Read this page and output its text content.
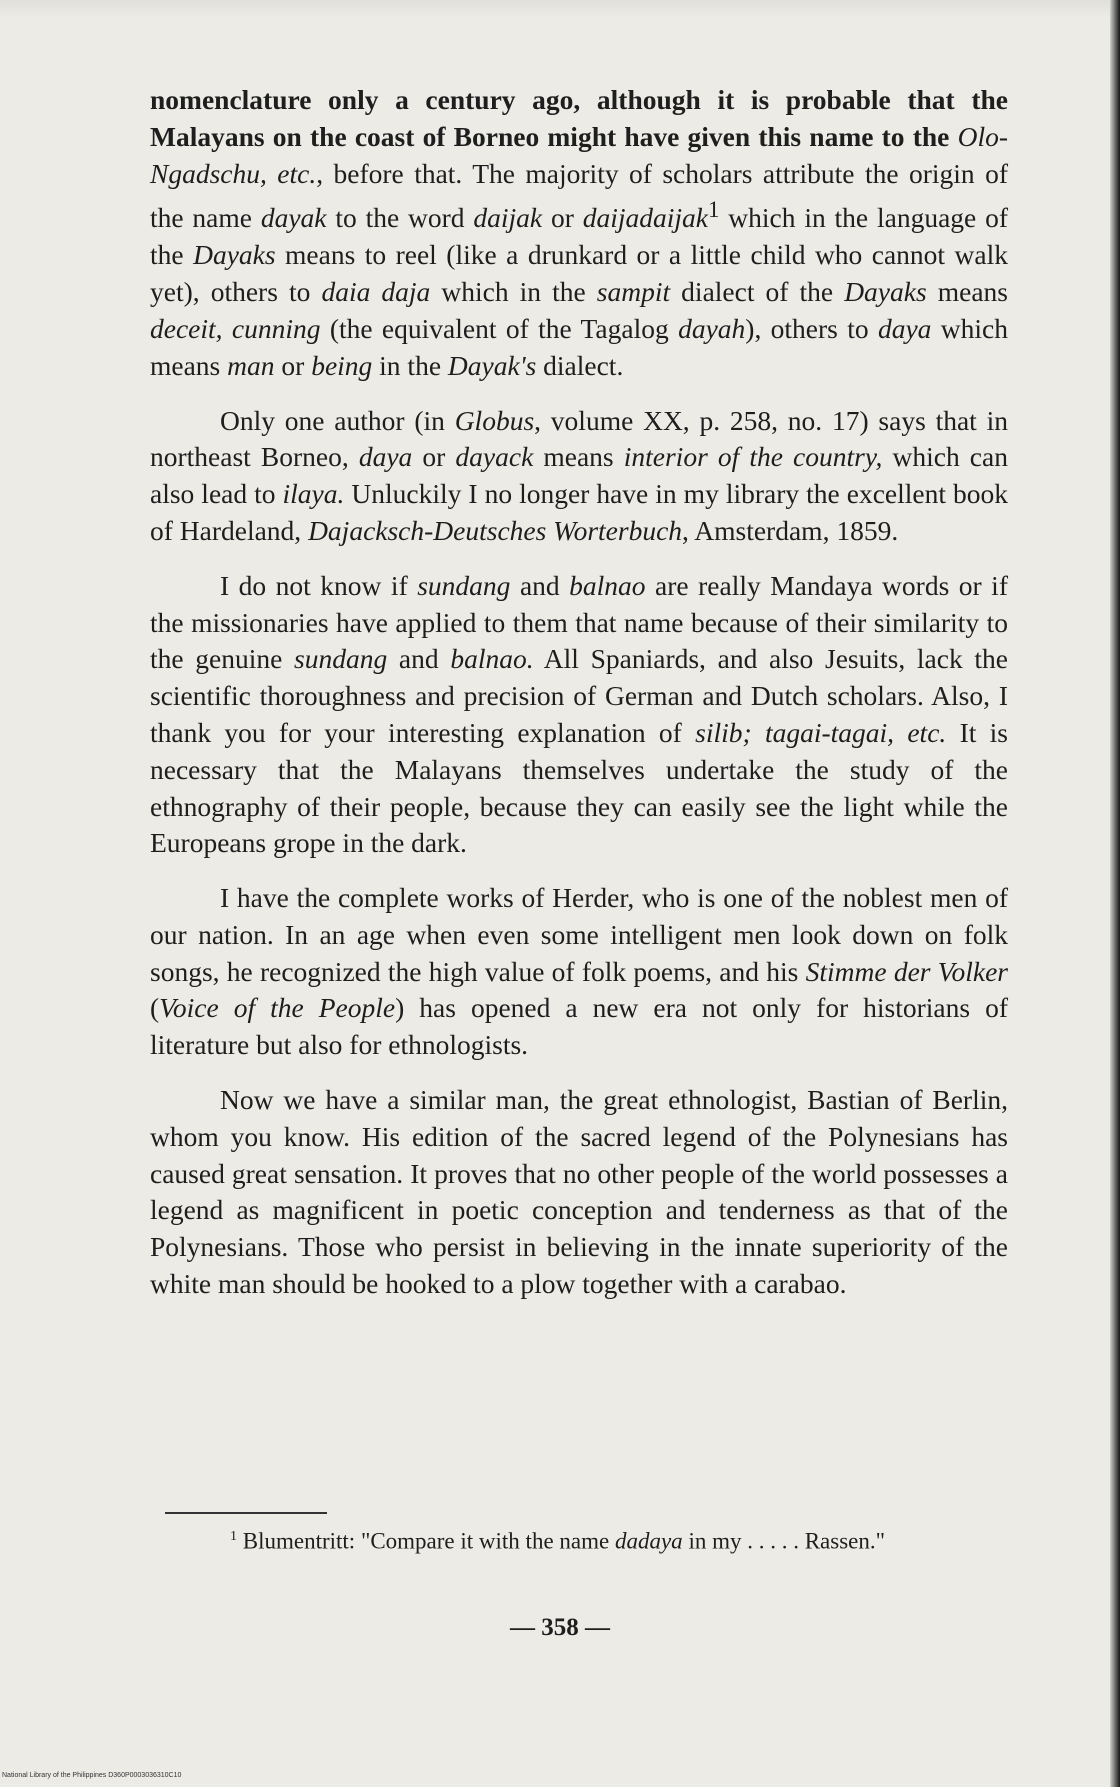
nomenclature only a century ago, although it is probable that the Malayans on the coast of Borneo might have given this name to the Olo-Ngadschu, etc., before that. The majority of scholars attribute the origin of the name dayak to the word daijak or daijadaijak$^1$ which in the language of the Dayaks means to reel (like a drunkard or a little child who cannot walk yet), others to daia daja which in the sampit dialect of the Dayaks means deceit, cunning (the equivalent of the Tagalog dayah), others to daya which means man or being in the Dayak's dialect.

Only one author (in Globus, volume XX, p. 258, no. 17) says that in northeast Borneo, daya or dayack means interior of the country, which can also lead to ilaya. Unluckily I no longer have in my library the excellent book of Hardeland, Dajacksch-Deutsches Worterbuch, Amsterdam, 1859.

I do not know if sundang and balnao are really Mandaya words or if the missionaries have applied to them that name because of their similarity to the genuine sundang and balnao. All Spaniards, and also Jesuits, lack the scientific thoroughness and precision of German and Dutch scholars. Also, I thank you for your interesting explanation of silib; tagai-tagai, etc. It is necessary that the Malayans themselves undertake the study of the ethnography of their people, because they can easily see the light while the Europeans grope in the dark.

I have the complete works of Herder, who is one of the noblest men of our nation. In an age when even some intelligent men look down on folk songs, he recognized the high value of folk poems, and his Stimme der Volker (Voice of the People) has opened a new era not only for historians of literature but also for ethnologists.

Now we have a similar man, the great ethnologist, Bastian of Berlin, whom you know. His edition of the sacred legend of the Polynesians has caused great sensation. It proves that no other people of the world possesses a legend as magnificent in poetic conception and tenderness as that of the Polynesians. Those who persist in believing in the innate superiority of the white man should be hooked to a plow together with a carabao.

$^1$ Blumentritt: "Compare it with the name dadaya in my . . . . . Rassen."
— 358 —
National Library of the Philippines D360P0003036310C10
